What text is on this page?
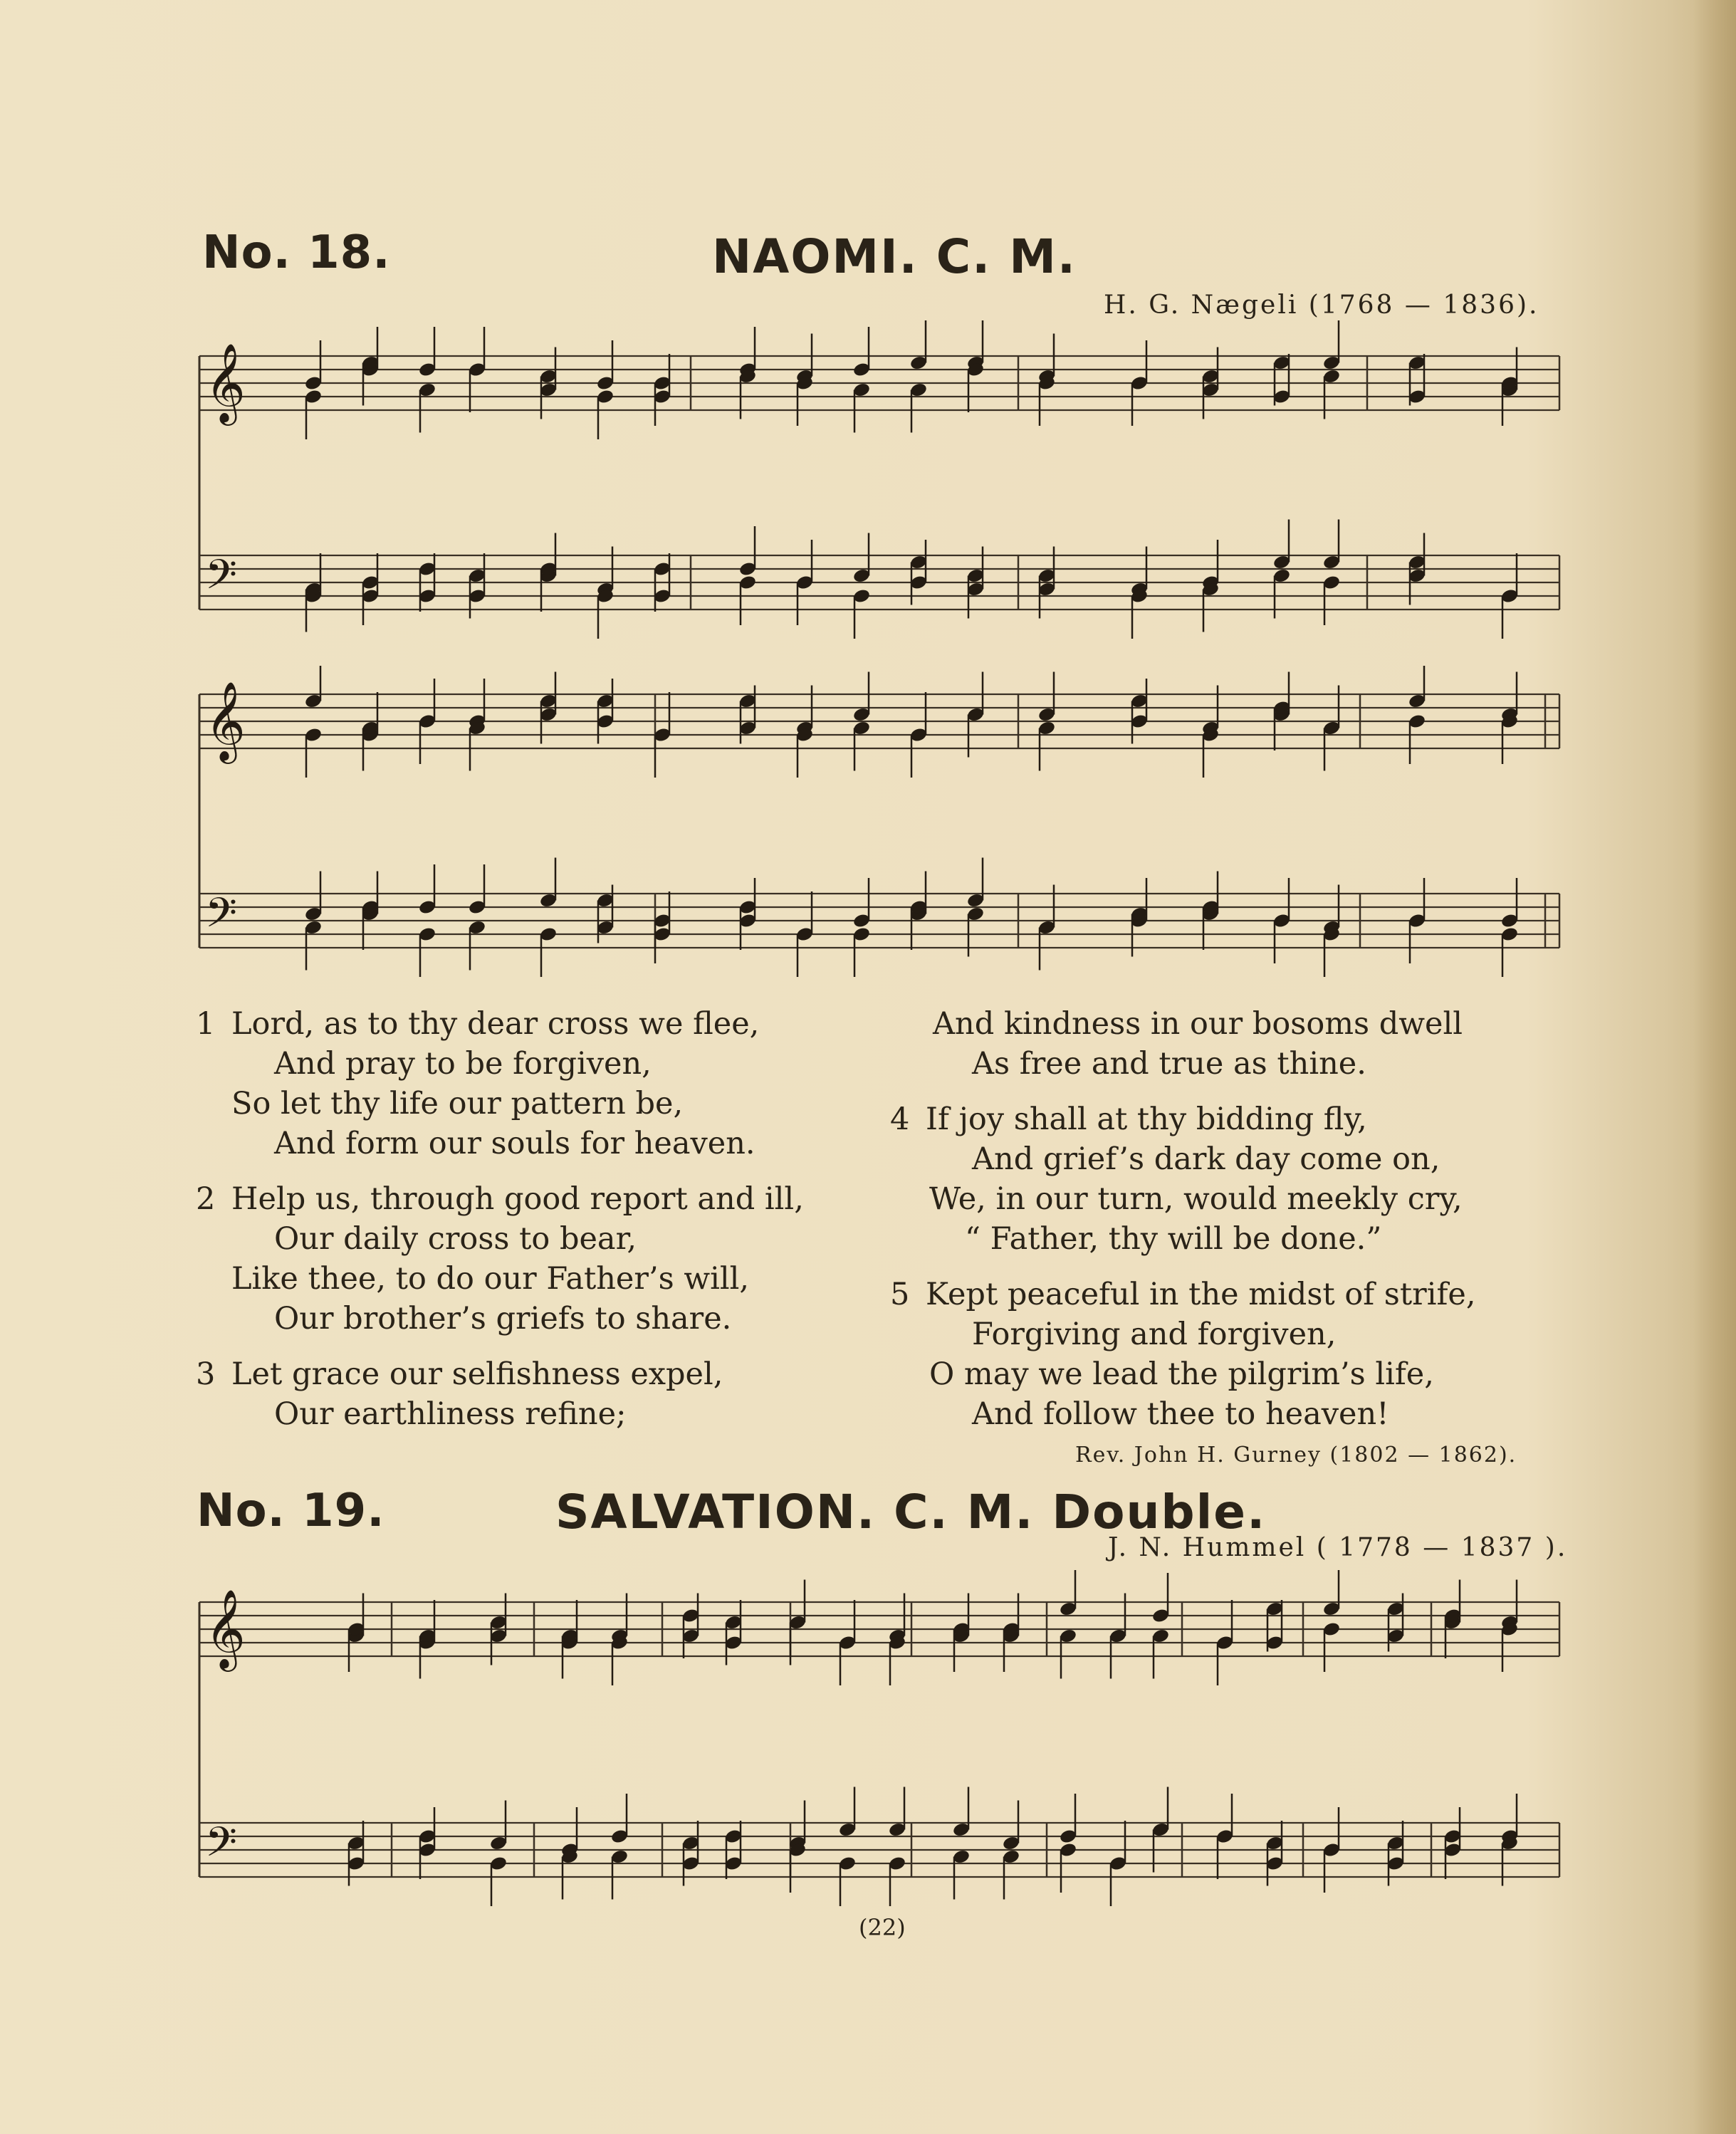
No. 18.	NAOMI. C. M.
H. G. Nægeli (1768 — 1836).
𝄞
𝄢
𝄞
𝄢
1 Lord, as to thy dear cross we flee,
And pray to be forgiven,
So let thy life our pattern be,
And form our souls for heaven.
2 Help us, through good report and ill,
Our daily cross to bear,
Like thee, to do our Father’s will,
Our brother’s griefs to share.
3 Let grace our selfishness expel,
Our earthliness refine;
And kindness in our bosoms dwell
As free and true as thine.
4 If joy shall at thy bidding fly,
And grief’s dark day come on,
We, in our turn, would meekly cry,
“ Father, thy will be done.”
5 Kept peaceful in the midst of strife,
Forgiving and forgiven,
O may we lead the pilgrim’s life,
And follow thee to heaven!
Rev. John H. Gurney (1802 — 1862).
No. 19.	SALVATION. C. M. Double.
J. N. Hummel ( 1778 — 1837 ).
𝄞
𝄢
(22)
